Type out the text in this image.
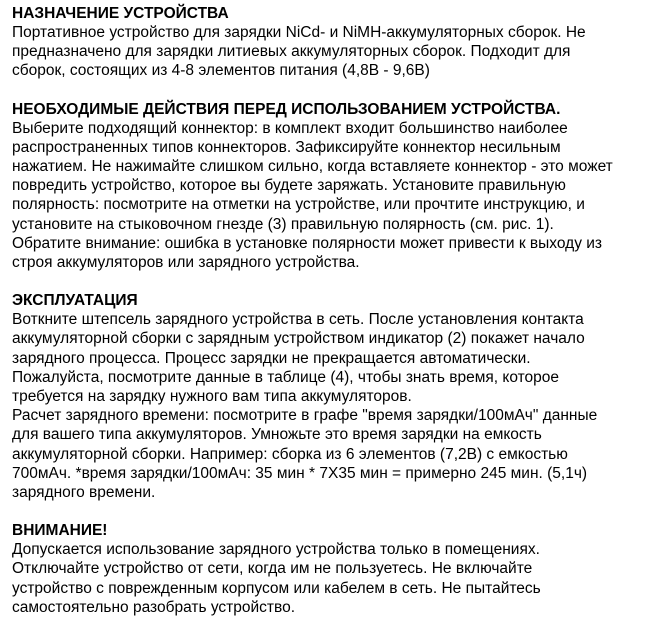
НАЗНАЧЕНИЕ УСТРОЙСТВА

Портативное устройство для зарядки NiCd- и NiMH-аккумуляторных сборок. Не
предназначено для зарядки литиевых аккумуляторных сборок. Подходит для
сборок, состоящих из 4-8 элементов питания (4,8В - 9,6В)

НЕОБХОДИМЫЕ ДЕЙСТВИЯ ПЕРЕД ИСПОЛЬЗОВАНИЕМ УСТРОЙСТВА.

Выберите подходящий коннектор: в комплект входит большинство наиболее
распространенных типов коннекторов. Зафиксируйте коннектор несильным
нажатием. Не нажимайте слишком сильно, когда вставляете коннектор - это может
повредить устройство, которое вы будете заряжать. Установите правильную
полярность: посмотрите на отметки на устройстве, или прочтите инструкцию, и
установите на стыковочном гнезде (3) правильную полярность (см. рис. 1).
Обратите внимание: ошибка в установке полярности может привести к выходу из
строя аккумуляторов или зарядного устройства.

ЭКСПЛУАТАЦИЯ

Воткните штепсель зарядного устройства в сеть. После установления контакта
аккумуляторной сборки с зарядным устройством индикатор (2) покажет начало
зарядного процесса. Процесс зарядки не прекращается автоматически.
Пожалуйста, посмотрите данные в таблице (4), чтобы знать время, которое
требуется на зарядку нужного вам типа аккумуляторов.

Расчет зарядного времени: посмотрите в графе "время зарядки/100мАч" данные
для вашего типа аккумуляторов. Умножьте это время зарядки на емкость
аккумуляторной сборки. Например: сборка из 6 элементов (7,2В) с емкостью
700мАч. *время зарядки/100мАч: 35 мин * 7Х35 мин = примерно 245 мин. (5,1ч)
зарядного времени.

ВНИМАНИЕ!

Допускается использование зарядного устройства только в помещениях.
Отключайте устройство от сети, когда им не пользуетесь. Не включайте
устройство с поврежденным корпусом или кабелем в сеть. Не пытайтесь
самостоятельно разобрать устройство.
